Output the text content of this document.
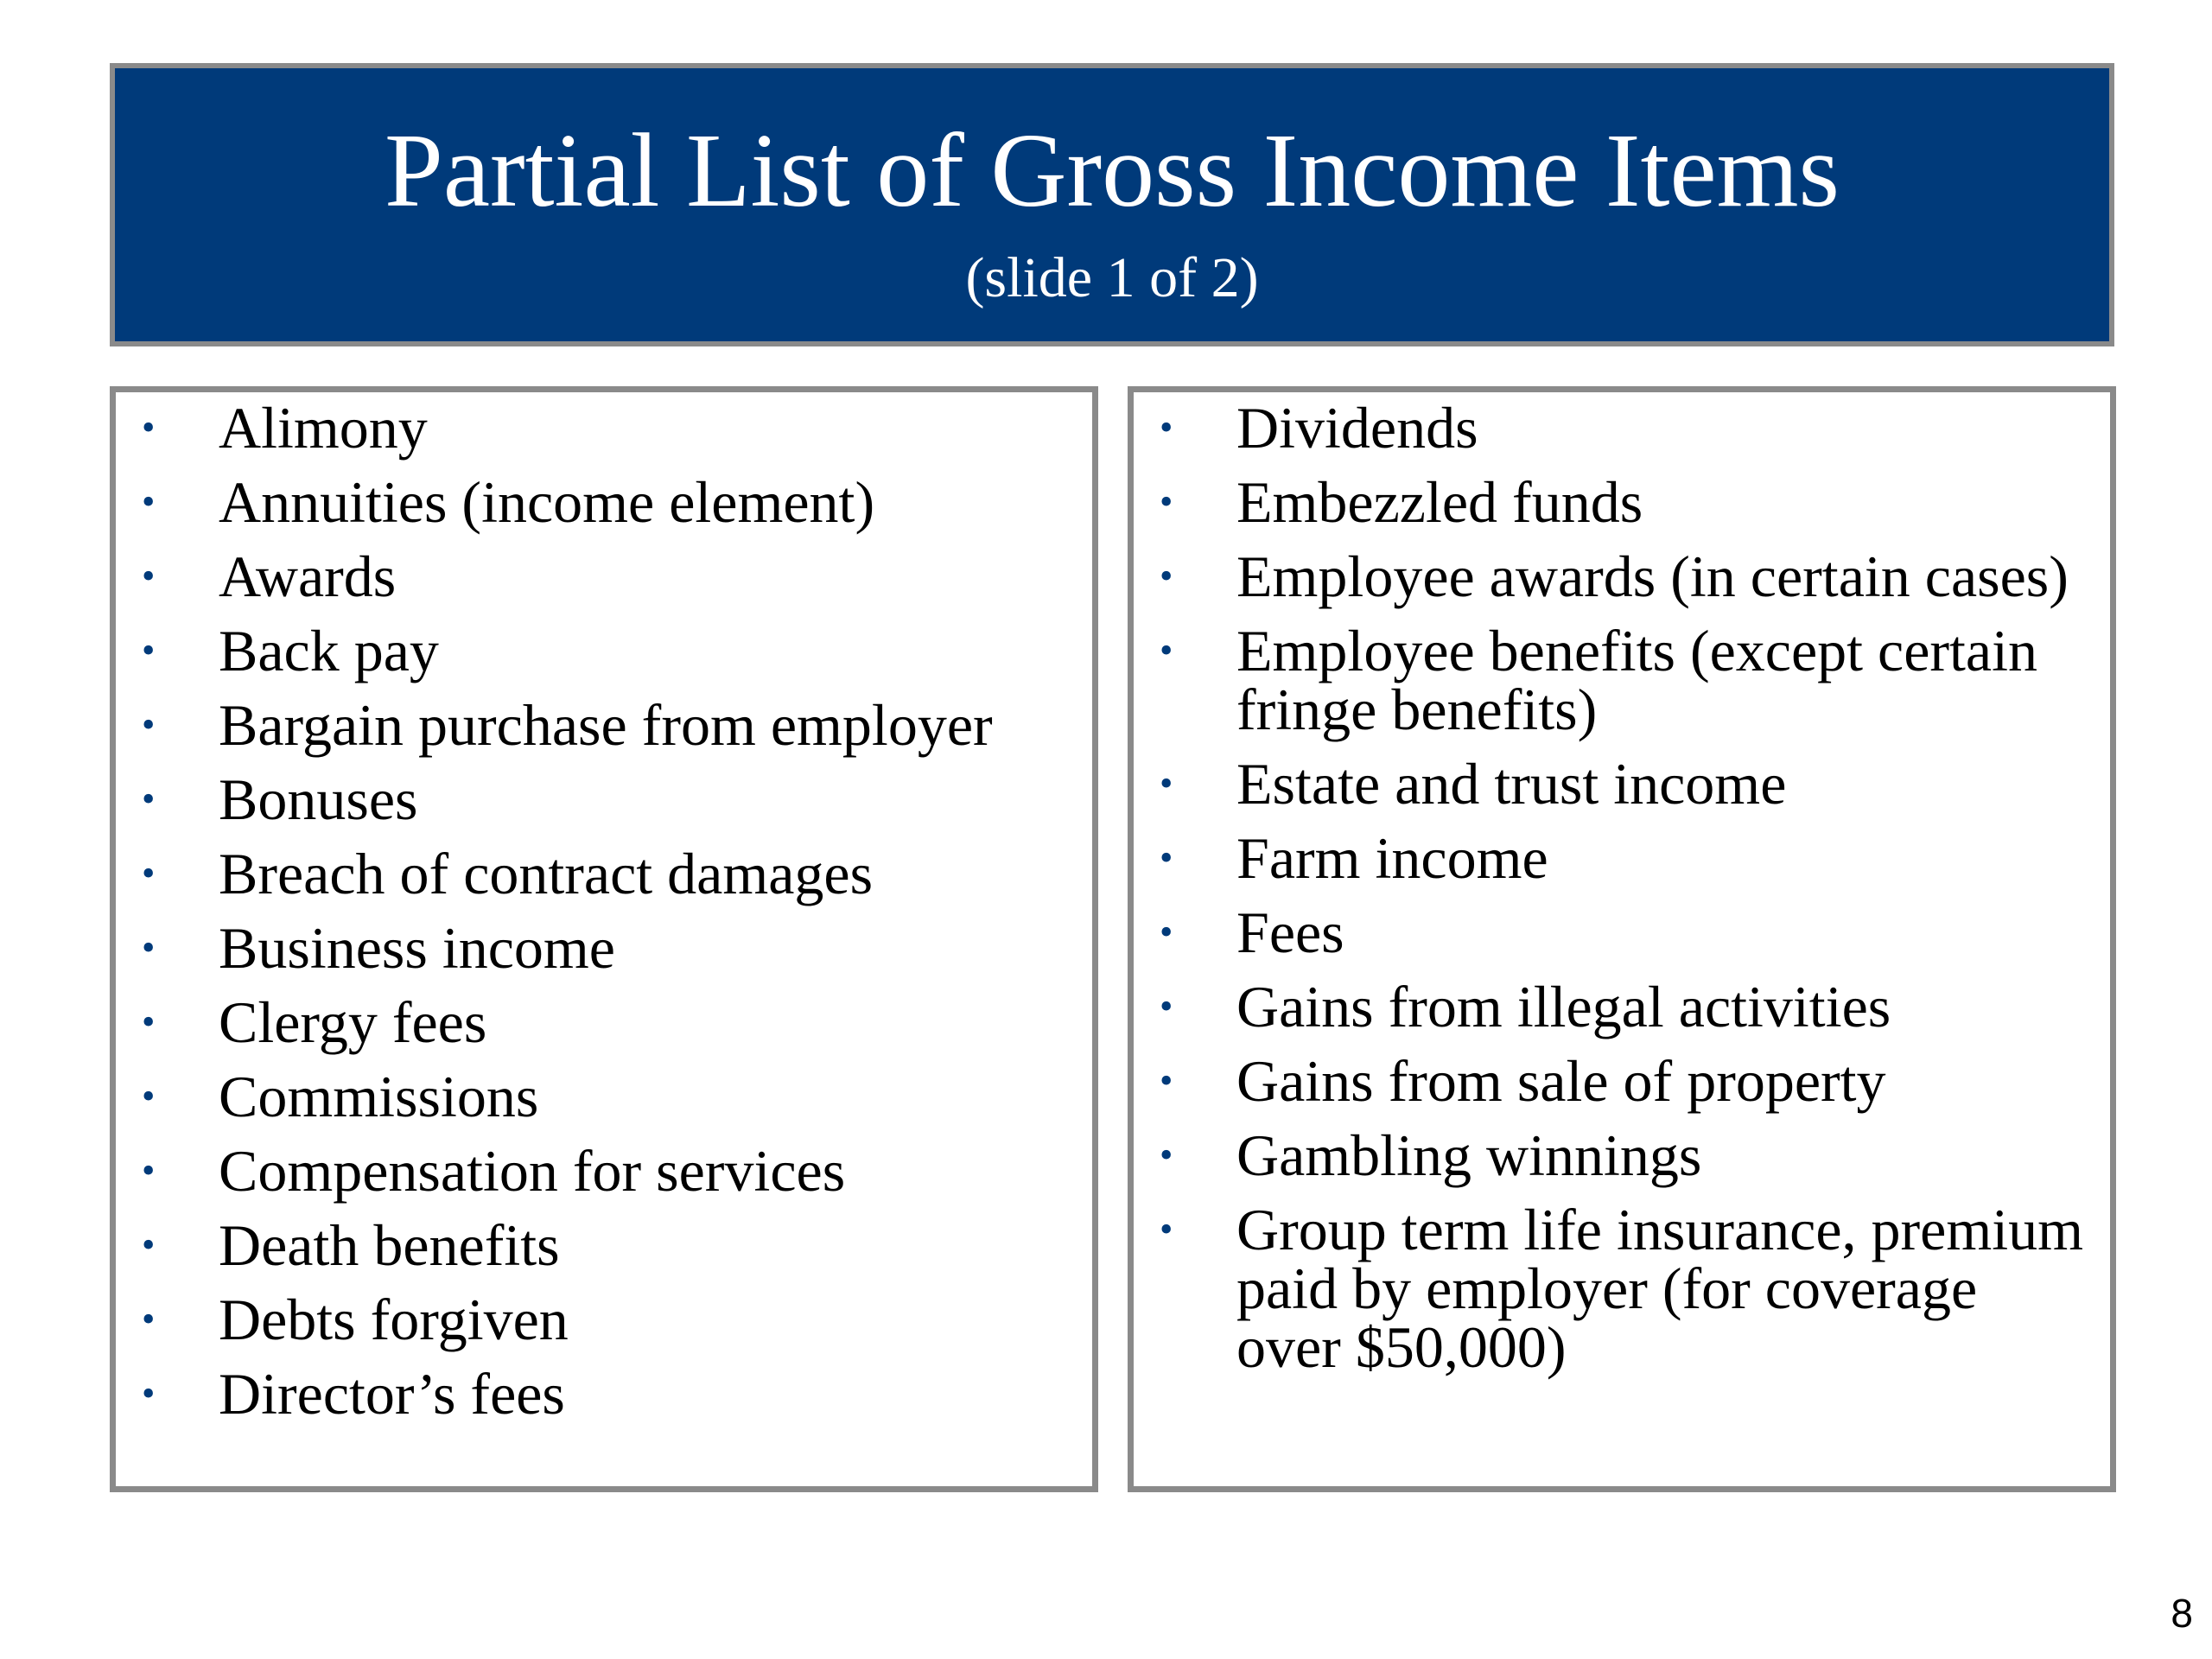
Partial List of Gross Income Items
(slide 1 of 2)
• Alimony
• Annuities (income element)
• Awards
• Back pay
• Bargain purchase from employer
• Bonuses
• Breach of contract damages
• Business income
• Clergy fees
• Commissions
• Compensation for services
• Death benefits
• Debts forgiven
• Director’s fees
• Dividends
• Embezzled funds
• Employee awards (in certain cases)
• Employee benefits (except certain fringe benefits)
• Estate and trust income
• Farm income
• Fees
• Gains from illegal activities
• Gains from sale of property
• Gambling winnings
• Group term life insurance, premium paid by employer (for coverage over $50,000)
8
